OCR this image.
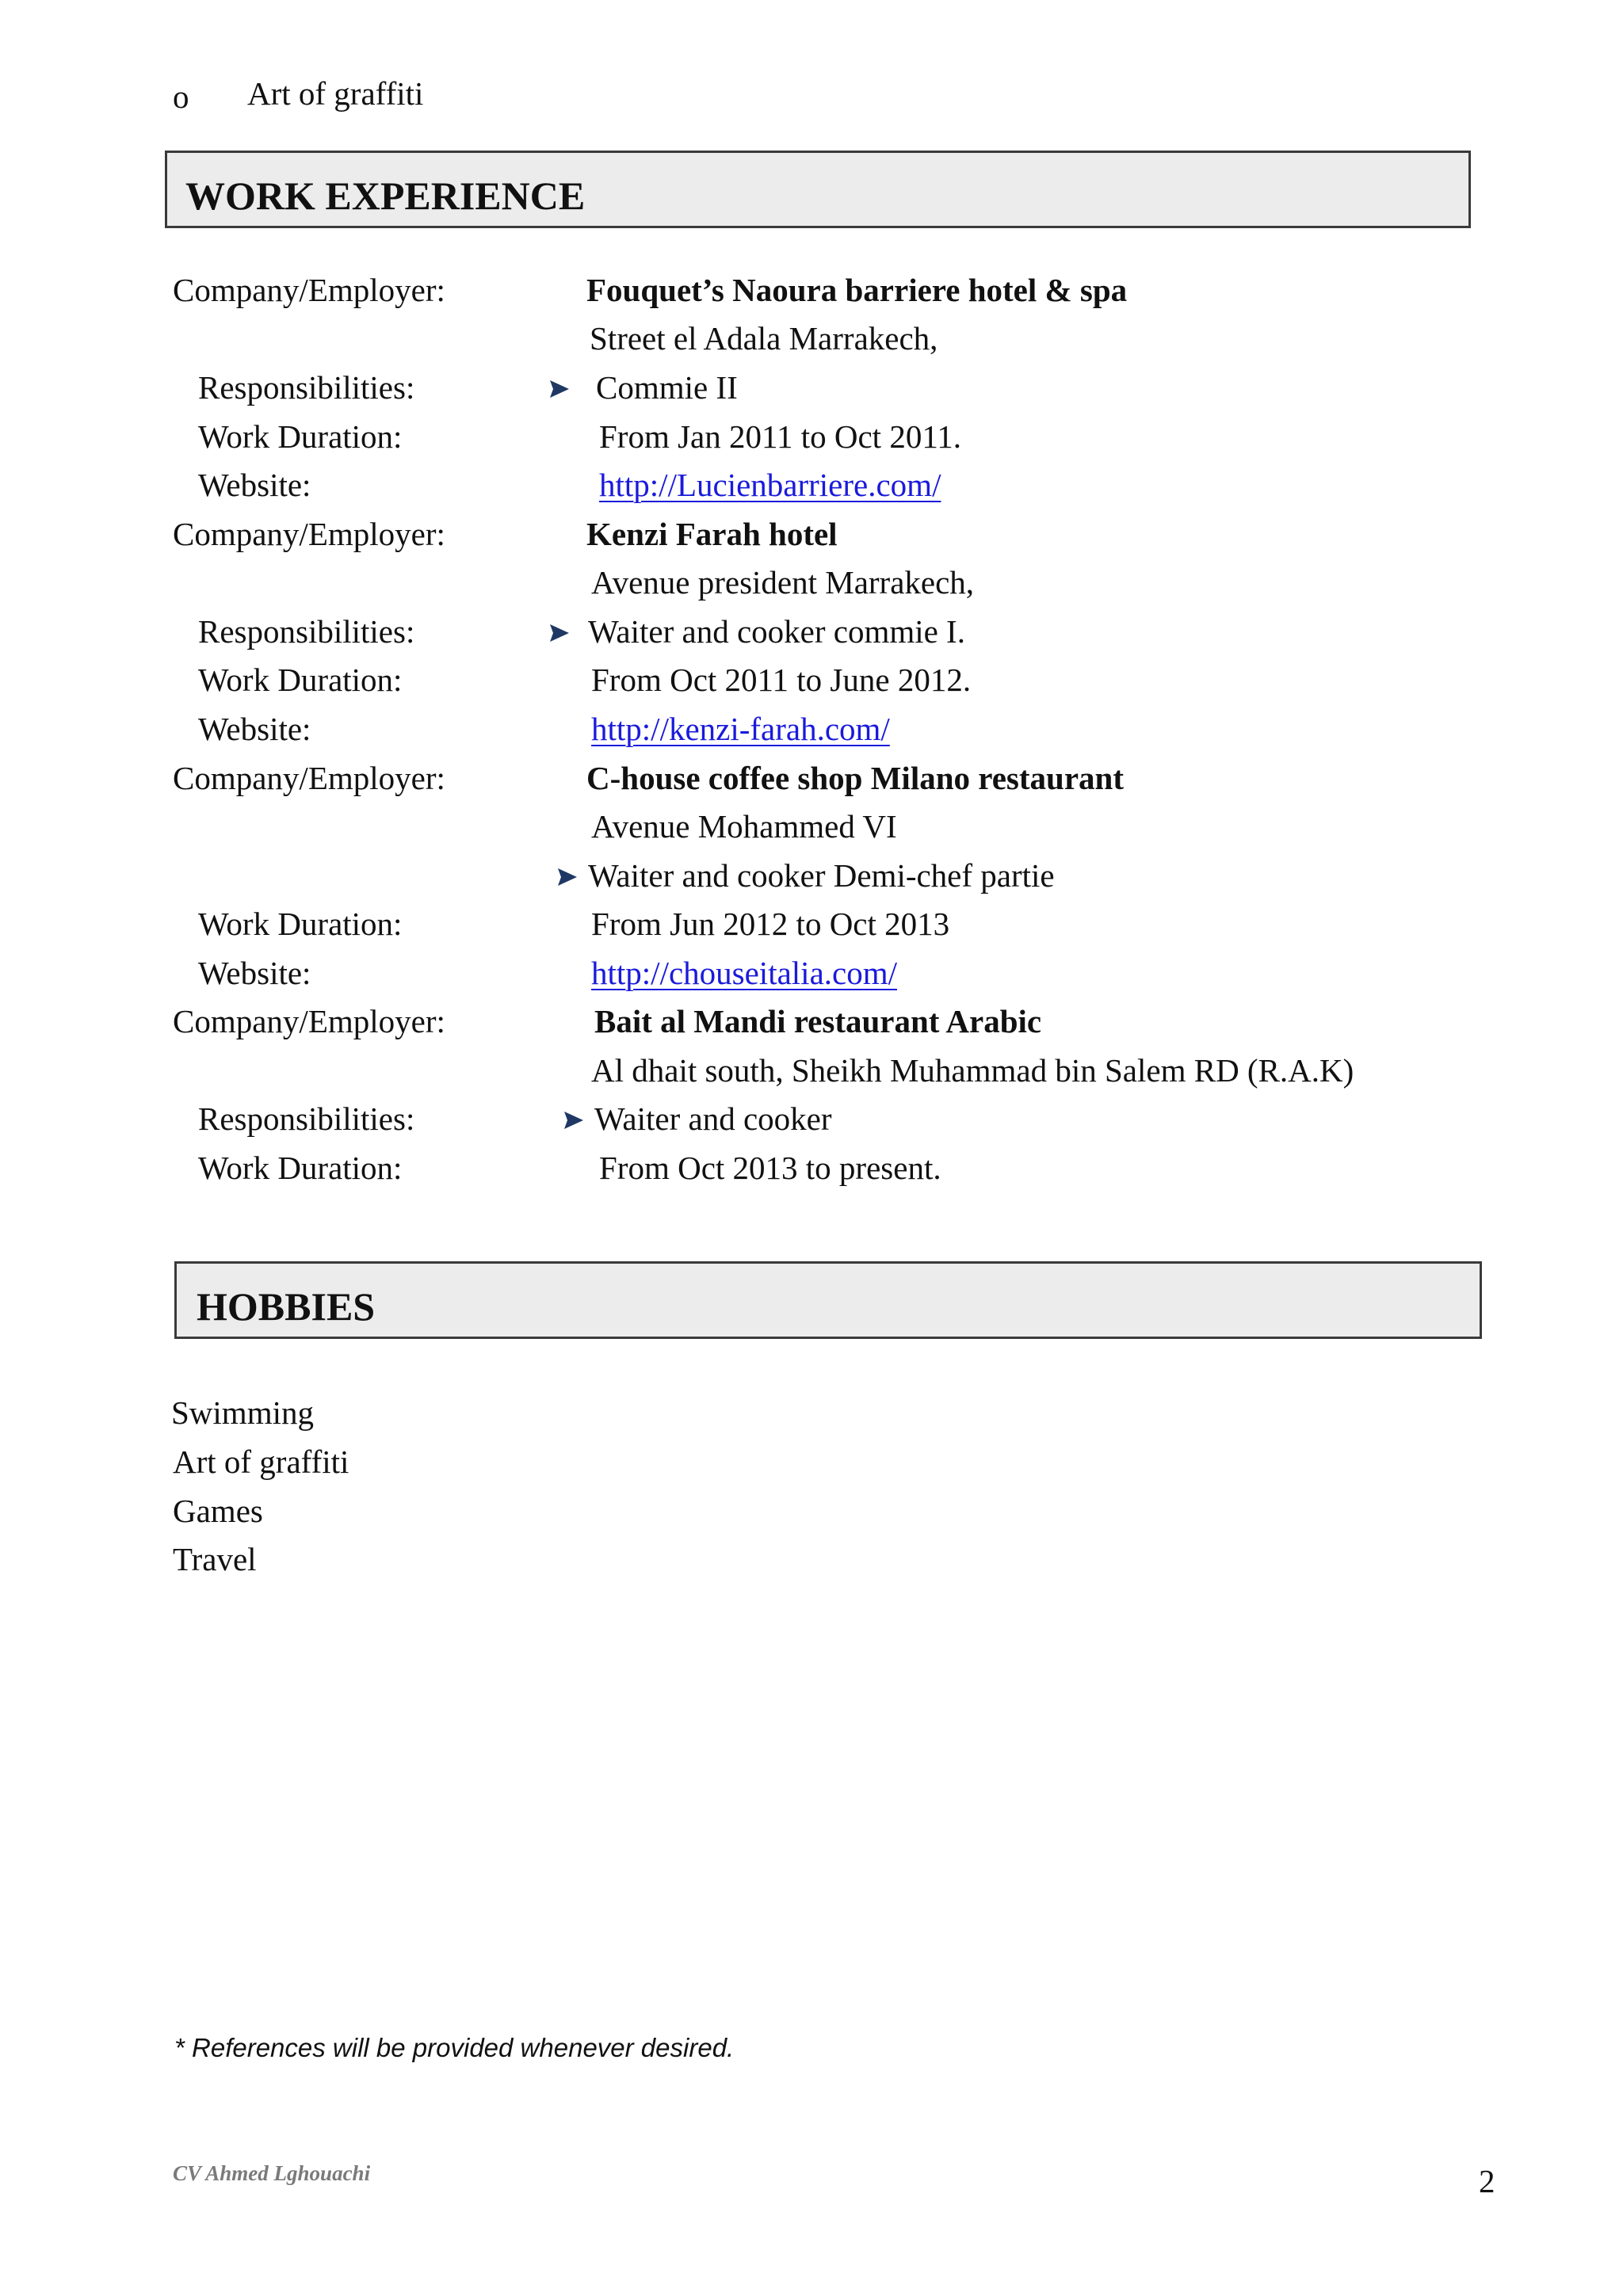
o Art of graffiti
WORK EXPERIENCE
Company/Employer:	Fouquet’s Naoura barriere hotel & spa
Street el Adala Marrakech,
Responsibilities:	Commie II
Work Duration:	From Jan 2011 to Oct 2011.
Website:	http://Lucienbarriere.com/
Company/Employer:	Kenzi Farah hotel
Avenue president Marrakech,
Responsibilities:	Waiter and cooker commie I.
Work Duration:	From Oct 2011 to June 2012.
Website:	http://kenzi-farah.com/
Company/Employer:	C-house coffee shop Milano restaurant
Avenue Mohammed VI
Waiter and cooker Demi-chef partie
Work Duration:	From Jun 2012 to Oct 2013
Website:	http://chouseitalia.com/
Company/Employer:	Bait al Mandi restaurant Arabic
Al dhait south, Sheikh Muhammad bin Salem RD (R.A.K)
Responsibilities:	Waiter and cooker
Work Duration:	From Oct 2013 to present.
HOBBIES
Swimming
Art of graffiti
Games
Travel
* References will be provided whenever desired.
CV Ahmed Lghouachi	2
